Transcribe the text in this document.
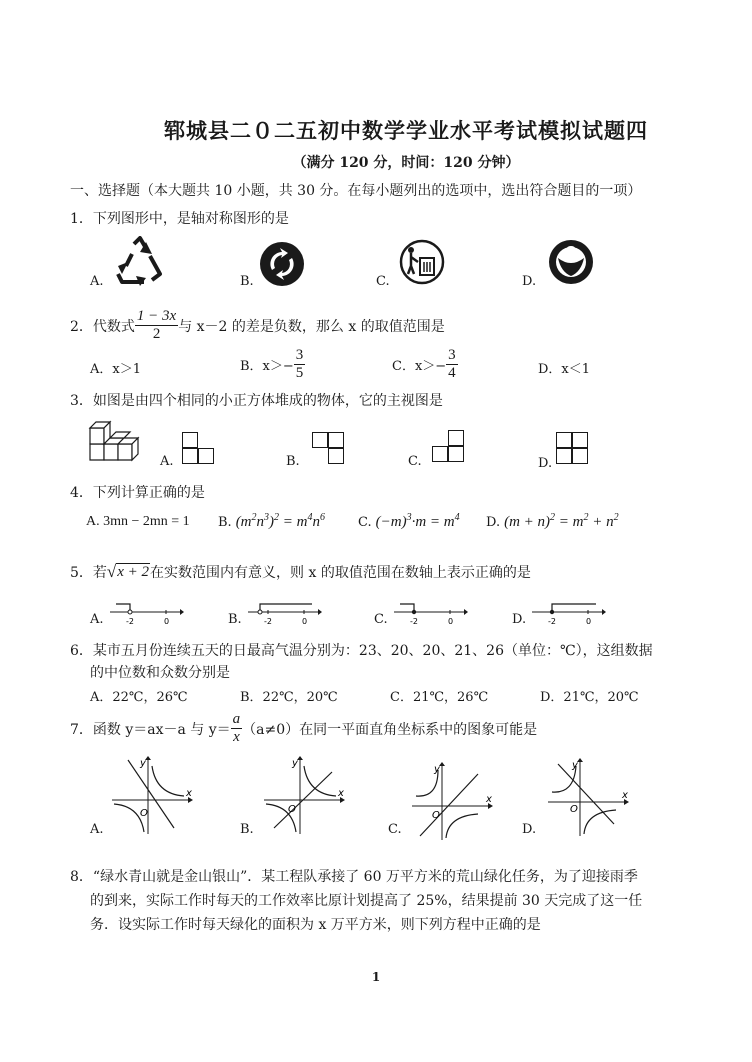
郓城县二０二五初中数学学业水平考试模拟试题四
（满分 120 分，时间：120 分钟）
一、选择题（本大题共 10 小题，共 30 分。在每小题列出的选项中，选出符合题目的一项）
1．下列图形中，是轴对称图形的是
A.	B.	C.	D.
2．代数式 $\frac{1 - 3x}{2}$ 与 x－2 的差是负数，那么 x 的取值范围是
A．x＞1	B．$x>- \frac{3}{5}$	C．$x>- \frac{3}{4}$	D．x＜1
3．如图是由四个相同的小正方体堆成的物体，它的主视图是
A.	B.	C.	D.
4．下列计算正确的是
A. 3mn − 2mn = 1 B. $(m^2n^3)^2 = m^4n^6$	C. $(-m)^3\cdot m = m^4$ D. $(m + n)^2 = m^2 + n^2$
5．若 √ x + 2 在实数范围内有意义，则 x 的取值范围在数轴上表示正确的是
A.	-2	0	B.	-2	0	C.	-2	0	D.	-2	0
6．某市五月份连续五天的日最高气温分别为：23、20、20、21、26（单位：℃），这组数据
的中位数和众数分别是
A．22℃，26℃	B．22℃，20℃	C．21℃，26℃	D．21℃，20℃
7．函数 y＝ax－a 与 $y= \frac{a}{x} (a\ne 0)$在同一平面直角坐标系中的图象可能是
O
x
y
A.
O
x
y
B.
O
x
y
C.
O
x
y
D.
8．“绿水青山就是金山银山”．某工程队承接了 60 万平方米的荒山绿化任务，为了迎接雨季
的到来，实际工作时每天的工作效率比原计划提高了 25%，结果提前 30 天完成了这一任
务．设实际工作时每天绿化的面积为 x 万平方米，则下列方程中正确的是
1
